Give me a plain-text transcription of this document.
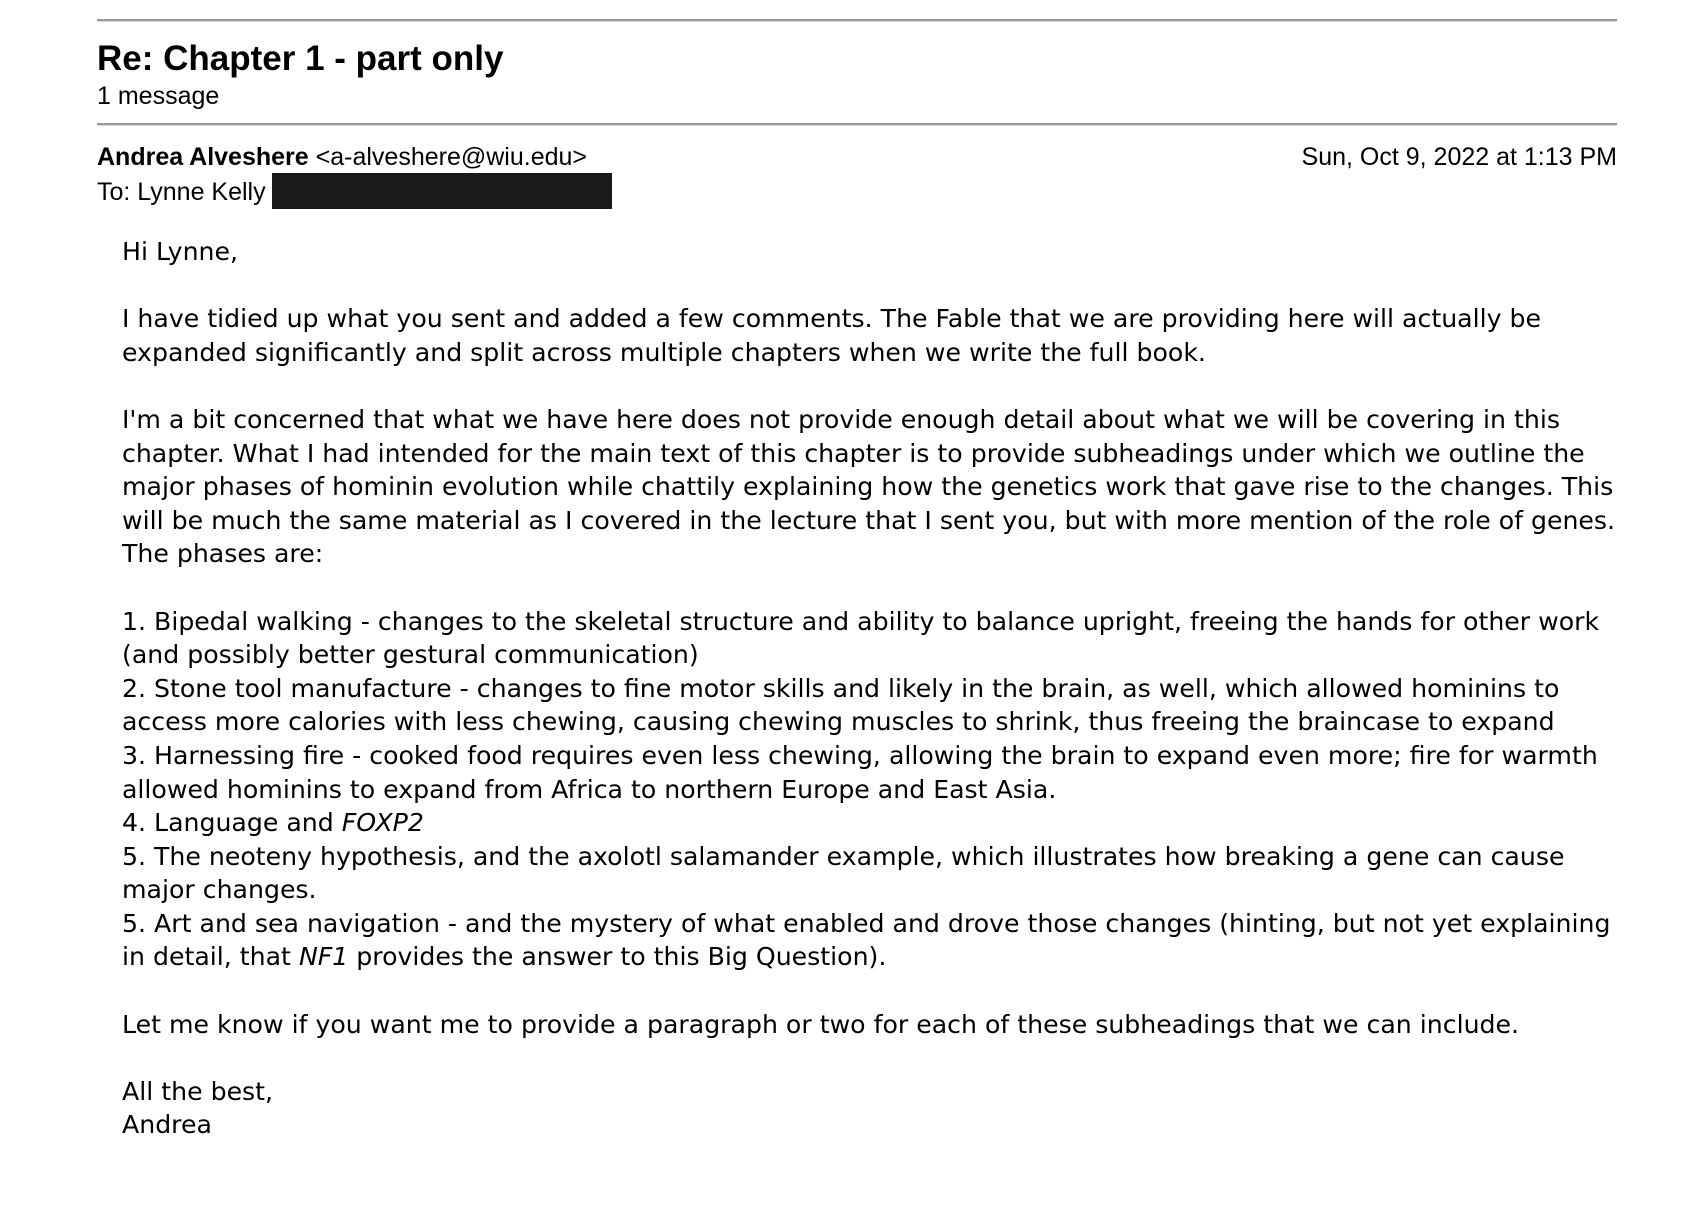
Re: Chapter 1 - part only
1 message
Andrea Alveshere <a-alveshere@wiu.edu>	Sun, Oct 9, 2022 at 1:13 PM
To: Lynne Kelly

Hi Lynne,

I have tidied up what you sent and added a few comments. The Fable that we are providing here will actually be expanded significantly and split across multiple chapters when we write the full book.

I'm a bit concerned that what we have here does not provide enough detail about what we will be covering in this chapter. What I had intended for the main text of this chapter is to provide subheadings under which we outline the major phases of hominin evolution while chattily explaining how the genetics work that gave rise to the changes. This will be much the same material as I covered in the lecture that I sent you, but with more mention of the role of genes. The phases are:

1. Bipedal walking - changes to the skeletal structure and ability to balance upright, freeing the hands for other work (and possibly better gestural communication)

2. Stone tool manufacture - changes to fine motor skills and likely in the brain, as well, which allowed hominins to access more calories with less chewing, causing chewing muscles to shrink, thus freeing the braincase to expand

3. Harnessing fire - cooked food requires even less chewing, allowing the brain to expand even more; fire for warmth allowed hominins to expand from Africa to northern Europe and East Asia.

4. Language and FOXP2

5. The neoteny hypothesis, and the axolotl salamander example, which illustrates how breaking a gene can cause major changes.

5. Art and sea navigation - and the mystery of what enabled and drove those changes (hinting, but not yet explaining in detail, that NF1 provides the answer to this Big Question).

Let me know if you want me to provide a paragraph or two for each of these subheadings that we can include.

All the best,
Andrea
